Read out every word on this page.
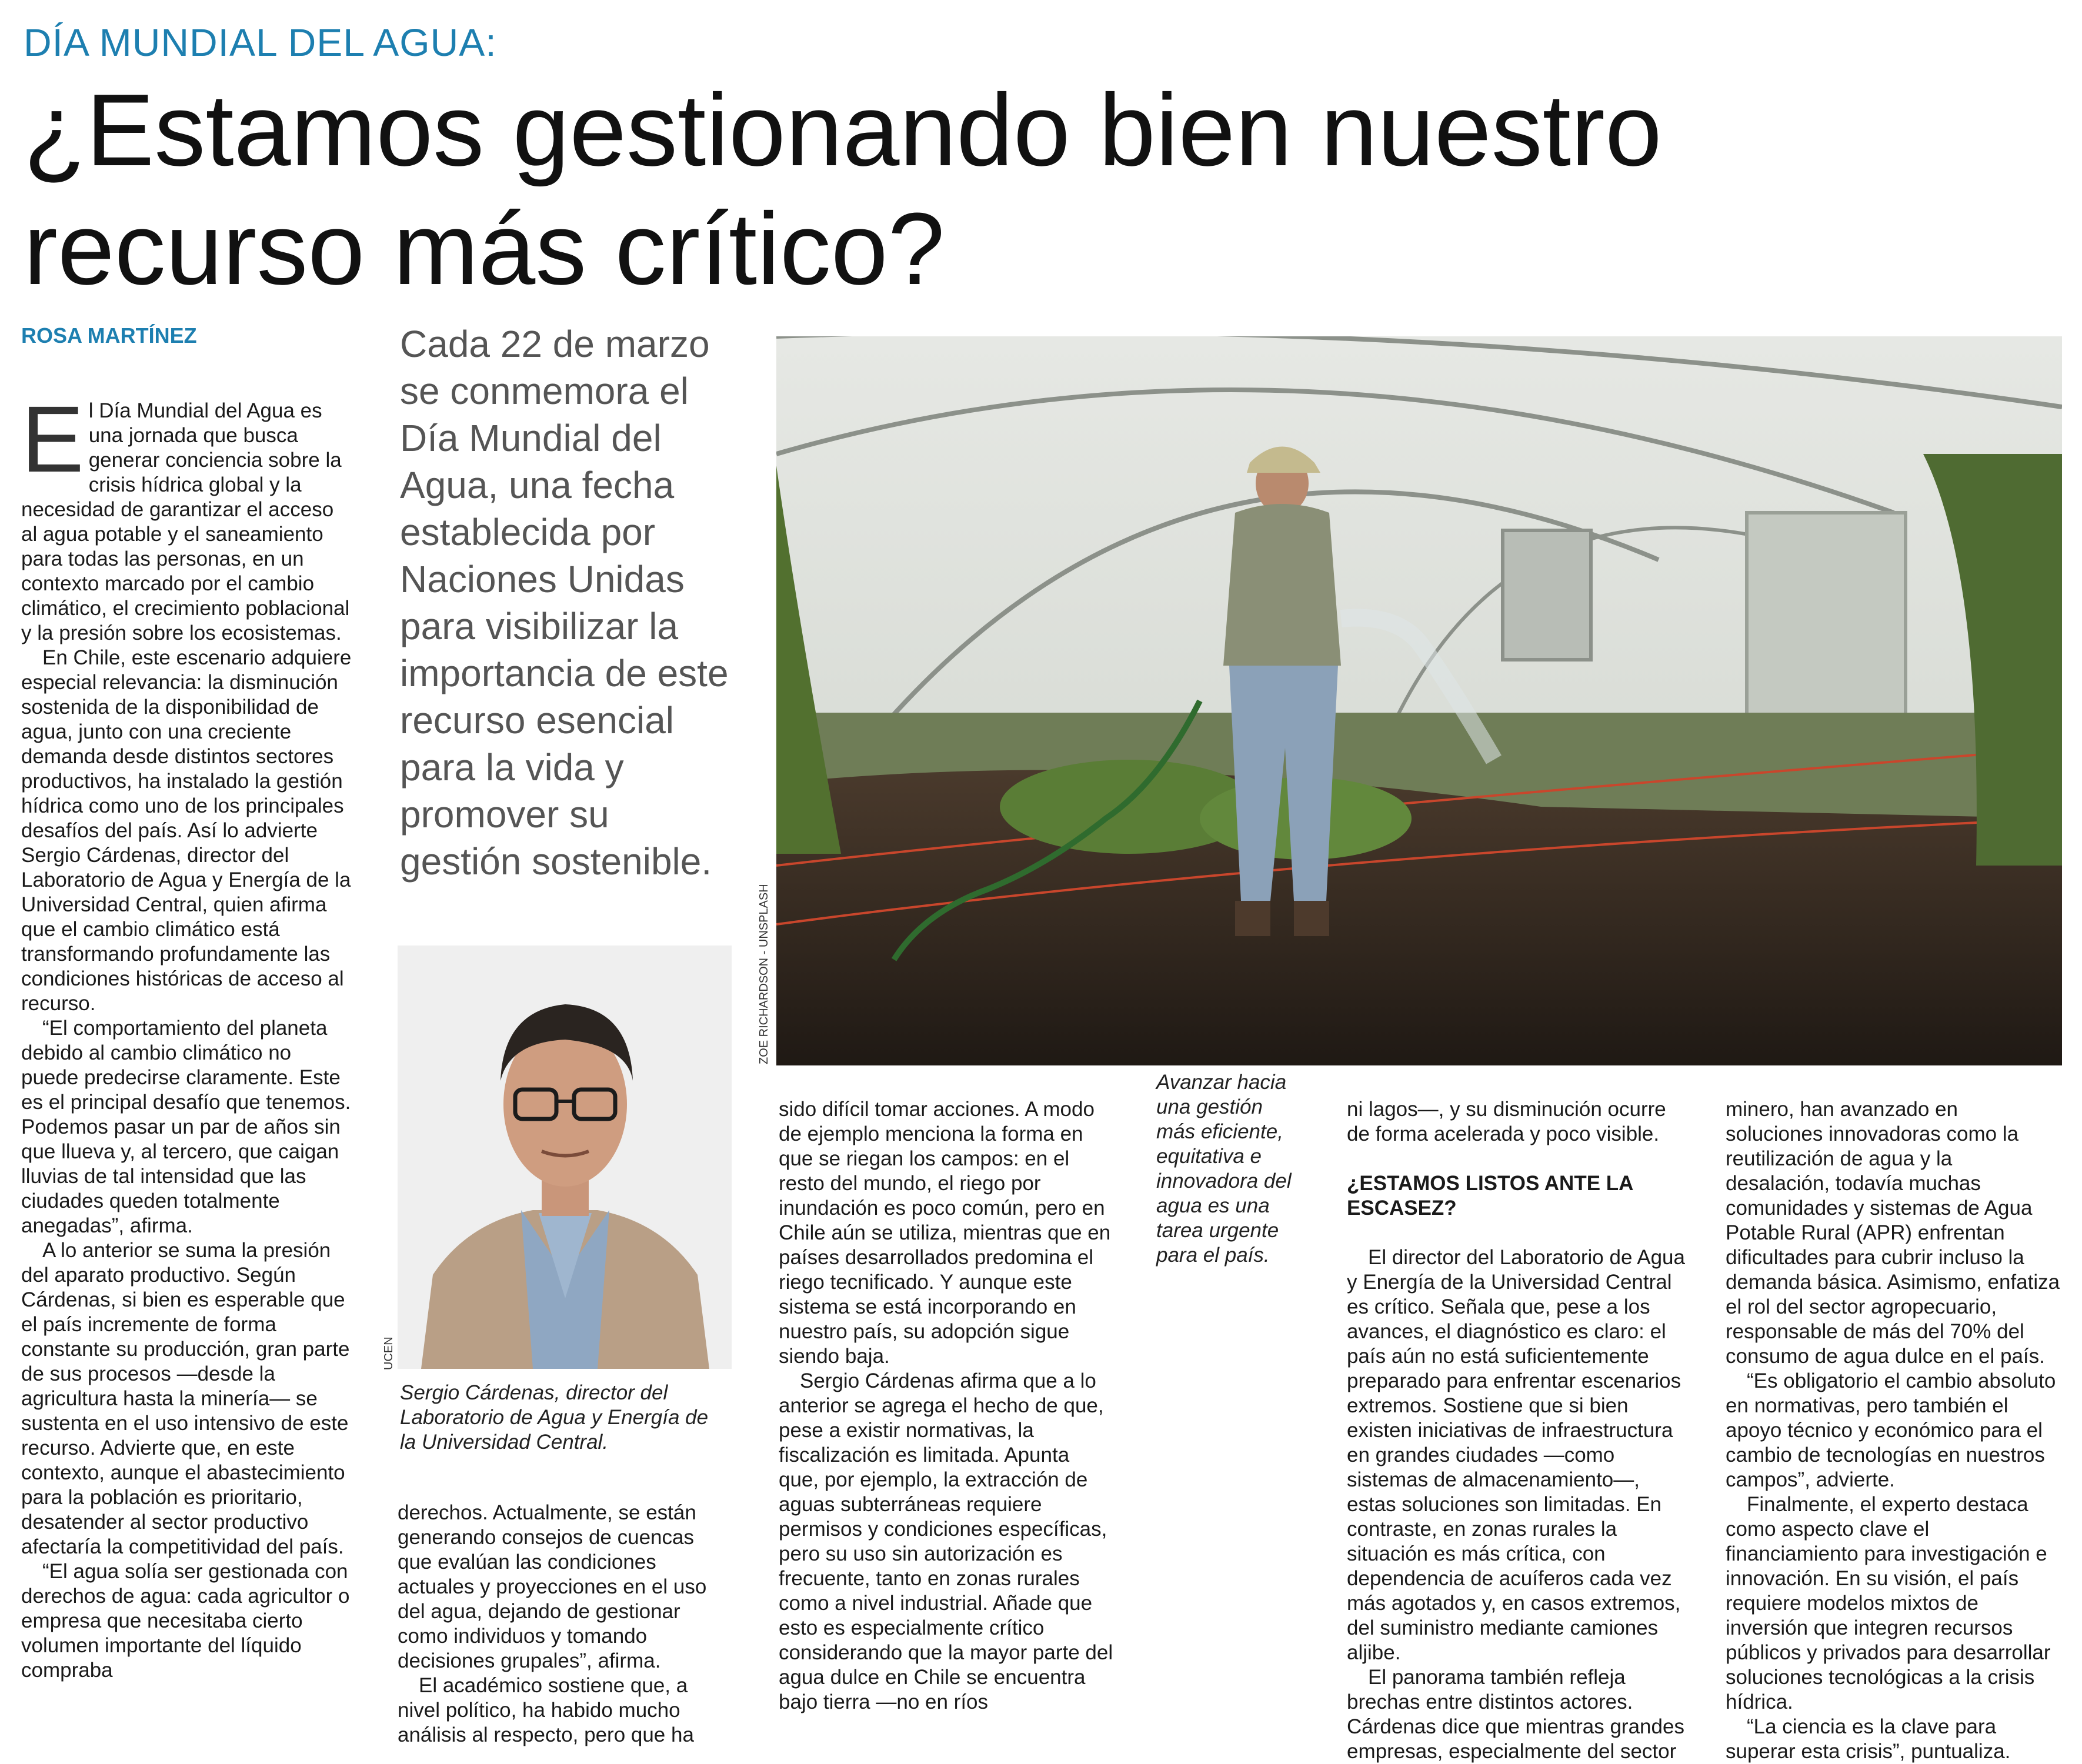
DÍA MUNDIAL DEL AGUA:
¿Estamos gestionando bien nuestro recurso más crítico?
ROSA MARTÍNEZ

El Día Mundial del Agua es una jornada que busca generar conciencia sobre la crisis hídrica global y la necesidad de garantizar el acceso al agua potable y el saneamiento para todas las personas, en un contexto marcado por el cambio climático, el crecimiento poblacional y la presión sobre los ecosistemas.

En Chile, este escenario adquiere especial relevancia: la disminución sostenida de la disponibilidad de agua, junto con una creciente demanda desde distintos sectores productivos, ha instalado la gestión hídrica como uno de los principales desafíos del país. Así lo advierte Sergio Cárdenas, director del Laboratorio de Agua y Energía de la Universidad Central, quien afirma que el cambio climático está transformando profundamente las condiciones históricas de acceso al recurso.

“El comportamiento del planeta debido al cambio climático no puede predecirse claramente. Este es el principal desafío que tenemos. Podemos pasar un par de años sin que llueva y, al tercero, que caigan lluvias de tal intensidad que las ciudades queden totalmente anegadas”, afirma.

A lo anterior se suma la presión del aparato productivo. Según Cárdenas, si bien es esperable que el país incremente de forma constante su producción, gran parte de sus procesos —desde la agricultura hasta la minería— se sustenta en el uso intensivo de este recurso. Advierte que, en este contexto, aunque el abastecimiento para la población es prioritario, desatender al sector productivo afectaría la competitividad del país.

“El agua solía ser gestionada con derechos de agua: cada agricultor o empresa que necesitaba cierto volumen importante del líquido compraba

Cada 22 de marzo se conmemora el Día Mundial del Agua, una fecha establecida por Naciones Unidas para visibilizar la importancia de este recurso esencial para la vida y promover su gestión sostenible.
UCEN
Sergio Cárdenas, director del Laboratorio de Agua y Energía de la Universidad Central.

derechos. Actualmente, se están generando consejos de cuencas que evalúan las condiciones actuales y proyecciones en el uso del agua, dejando de gestionar como individuos y tomando decisiones grupales”, afirma.

El académico sostiene que, a nivel político, ha habido mucho análisis al respecto, pero que ha

ZOE RICHARDSON - UNSPLASH
Avanzar hacia una gestión más eficiente, equitativa e innovadora del agua es una tarea urgente para el país.

sido difícil tomar acciones. A modo de ejemplo menciona la forma en que se riegan los campos: en el resto del mundo, el riego por inundación es poco común, pero en Chile aún se utiliza, mientras que en países desarrollados predomina el riego tecnificado. Y aunque este sistema se está incorporando en nuestro país, su adopción sigue siendo baja.

Sergio Cárdenas afirma que a lo anterior se agrega el hecho de que, pese a existir normativas, la fiscalización es limitada. Apunta que, por ejemplo, la extracción de aguas subterráneas requiere permisos y condiciones específicas, pero su uso sin autorización es frecuente, tanto en zonas rurales como a nivel industrial. Añade que esto es especialmente crítico considerando que la mayor parte del agua dulce en Chile se encuentra bajo tierra —no en ríos

ni lagos—, y su disminución ocurre de forma acelerada y poco visible.

¿ESTAMOS LISTOS ANTE LA ESCASEZ?

El director del Laboratorio de Agua y Energía de la Universidad Central es crítico. Señala que, pese a los avances, el diagnóstico es claro: el país aún no está suficientemente preparado para enfrentar escenarios extremos. Sostiene que si bien existen iniciativas de infraestructura en grandes ciudades —como sistemas de almacenamiento—, estas soluciones son limitadas. En contraste, en zonas rurales la situación es más crítica, con dependencia de acuíferos cada vez más agotados y, en casos extremos, del suministro mediante camiones aljibe.

El panorama también refleja brechas entre distintos actores. Cárdenas dice que mientras grandes empresas, especialmente del sector

minero, han avanzado en soluciones innovadoras como la reutilización de agua y la desalación, todavía muchas comunidades y sistemas de Agua Potable Rural (APR) enfrentan dificultades para cubrir incluso la demanda básica. Asimismo, enfatiza el rol del sector agropecuario, responsable de más del 70% del consumo de agua dulce en el país.

“Es obligatorio el cambio absoluto en normativas, pero también el apoyo técnico y económico para el cambio de tecnologías en nuestros campos”, advierte.

Finalmente, el experto destaca como aspecto clave el financiamiento para investigación e innovación. En su visión, el país requiere modelos mixtos de inversión que integren recursos públicos y privados para desarrollar soluciones tecnológicas a la crisis hídrica.

“La ciencia es la clave para superar esta crisis”, puntualiza.
